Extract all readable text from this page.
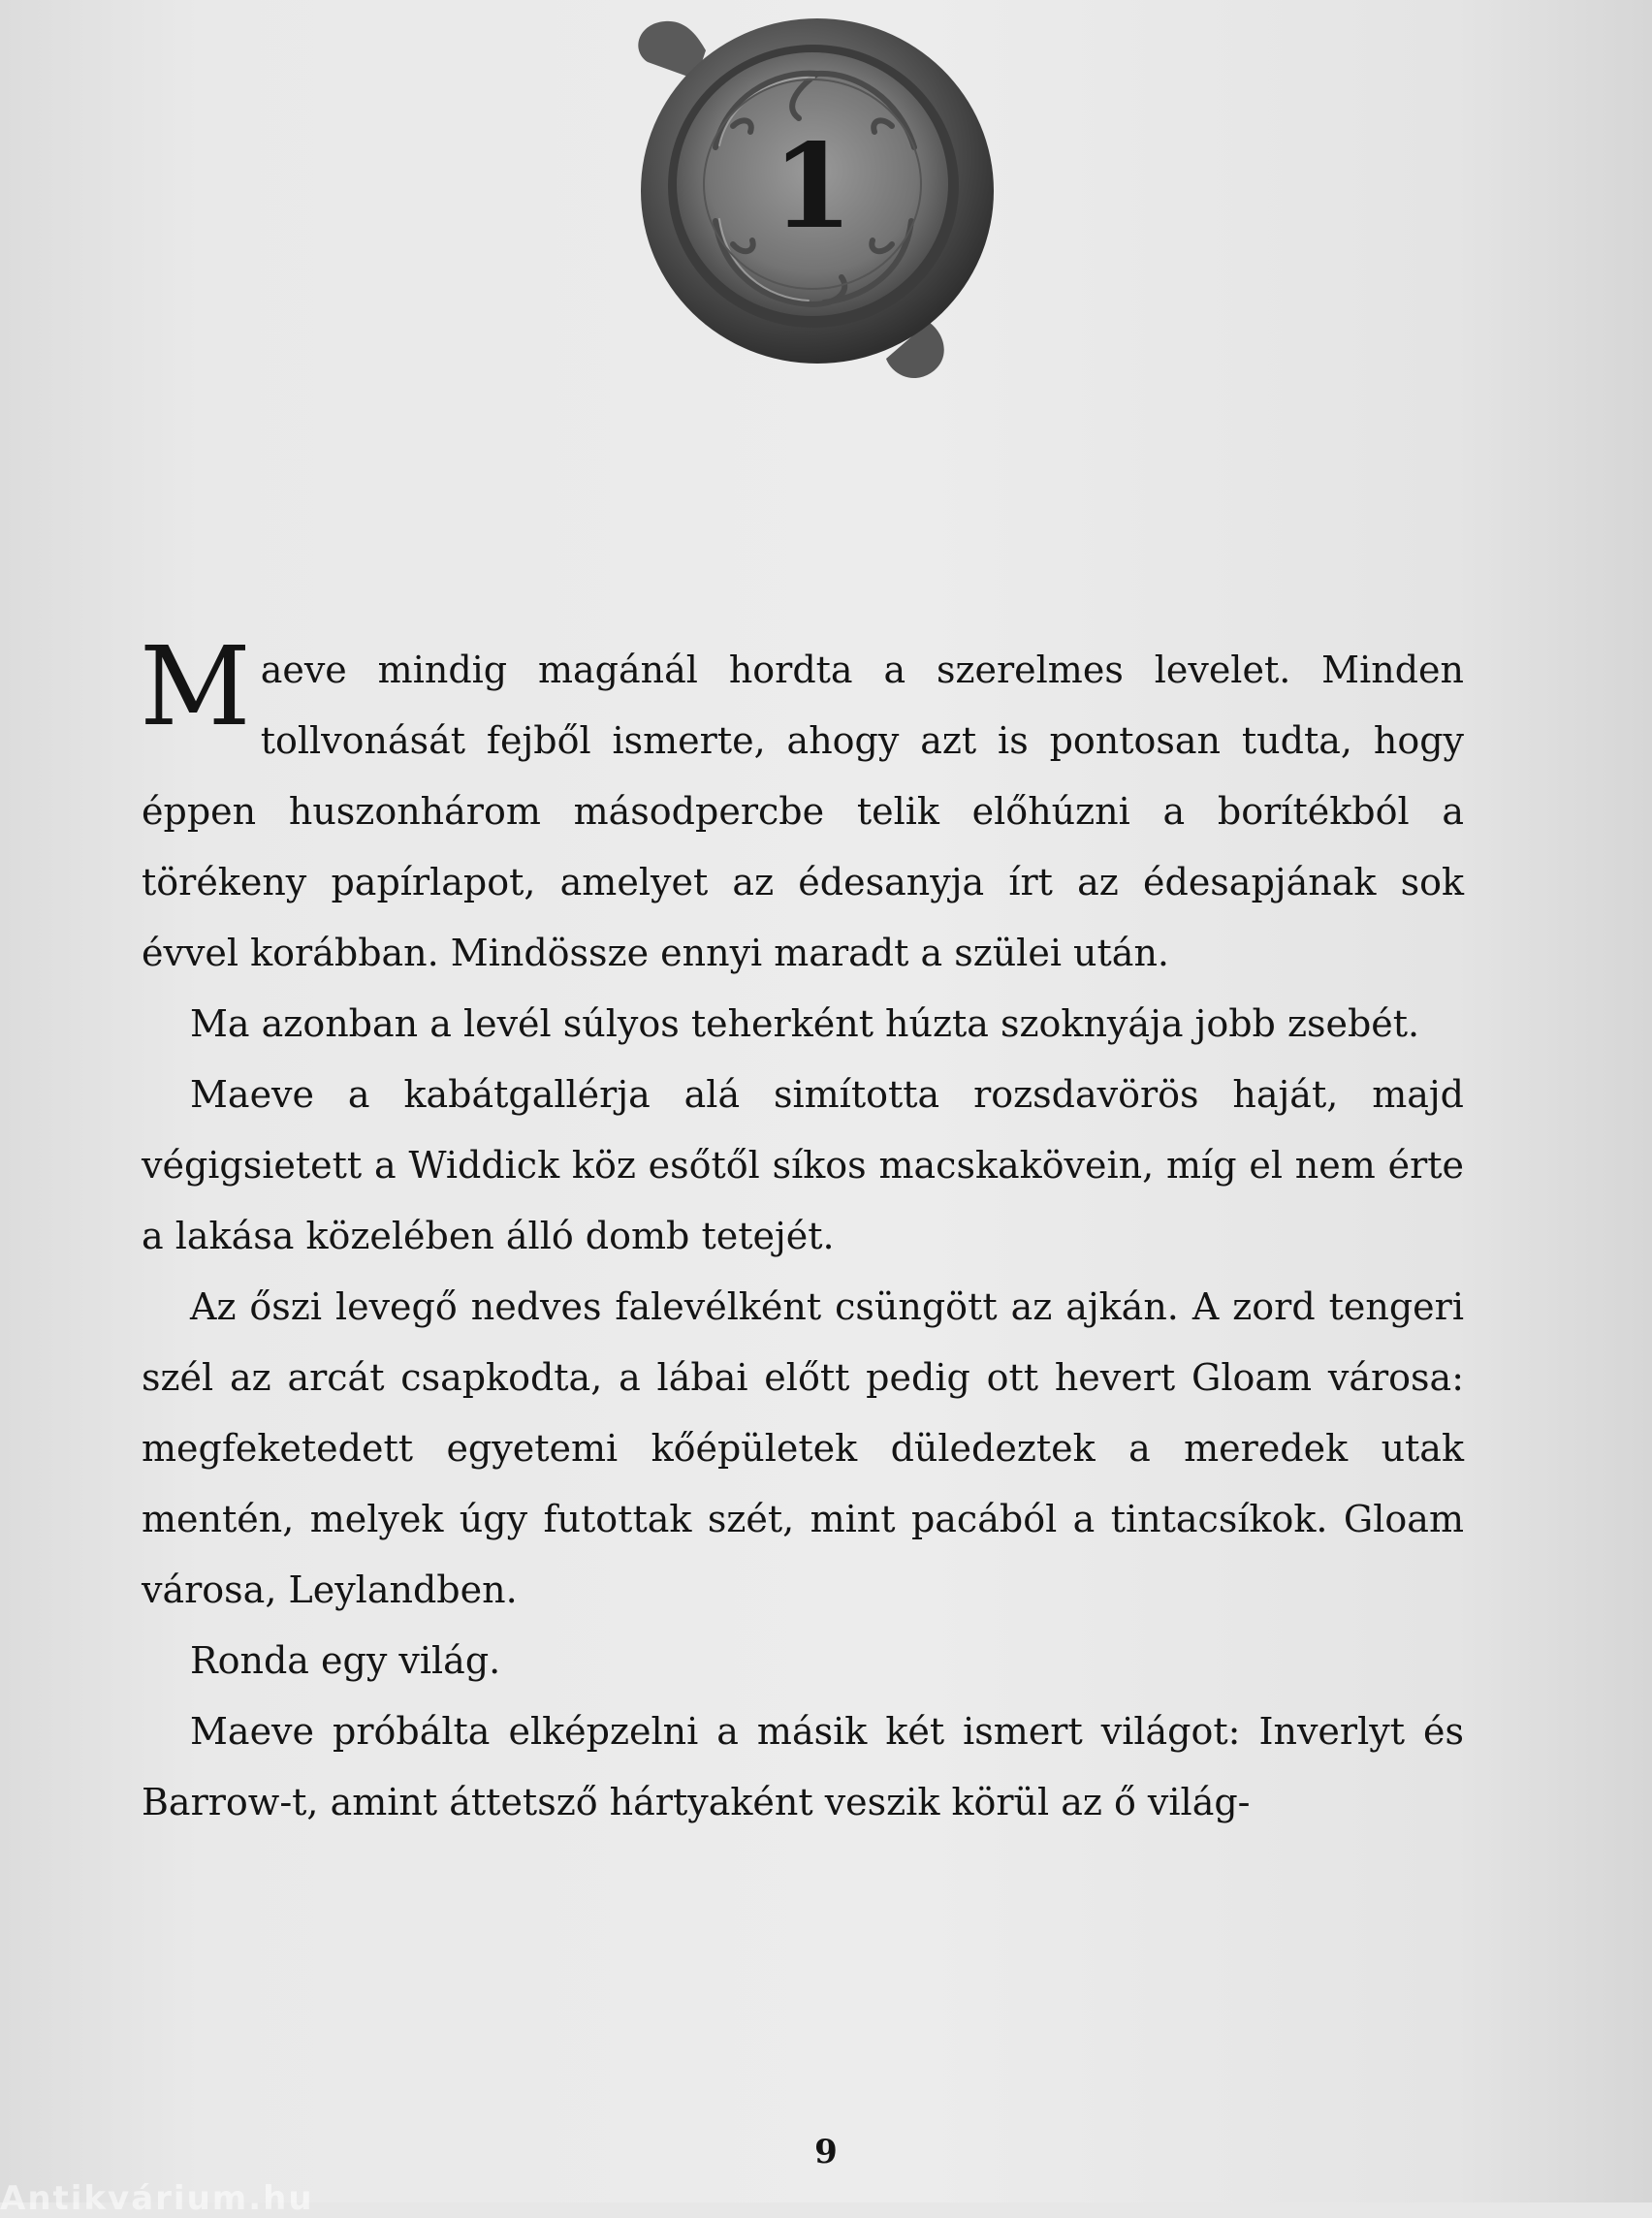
1

Maeve mindig magánál hordta a szerelmes levelet. Minden tollvonását fejből ismerte, ahogy azt is pontosan tudta, hogy éppen huszonhárom másodpercbe telik előhúzni a borítékból a törékeny papírlapot, amelyet az édesanyja írt az édesapjának sok évvel korábban. Mindössze ennyi maradt a szülei után.

Ma azonban a levél súlyos teherként húzta szoknyája jobb zsebét.

Maeve a kabátgallérja alá simította rozsdavörös haját, majd végigsietett a Widdick köz esőtől síkos macskakövein, míg el nem érte a lakása közelében álló domb tetejét.

Az őszi levegő nedves falevélként csüngött az ajkán. A zord tengeri szél az arcát csapkodta, a lábai előtt pedig ott hevert Gloam városa: megfeketedett egyetemi kőépületek düledeztek a meredek utak mentén, melyek úgy futottak szét, mint pacából a tintacsíkok. Gloam városa, Leylandben.

Ronda egy világ.

Maeve próbálta elképzelni a másik két ismert világot: Inverlyt és Barrow-t, amint áttetsző hártyaként veszik körül az ő világ-

9
Antikvárium.hu
